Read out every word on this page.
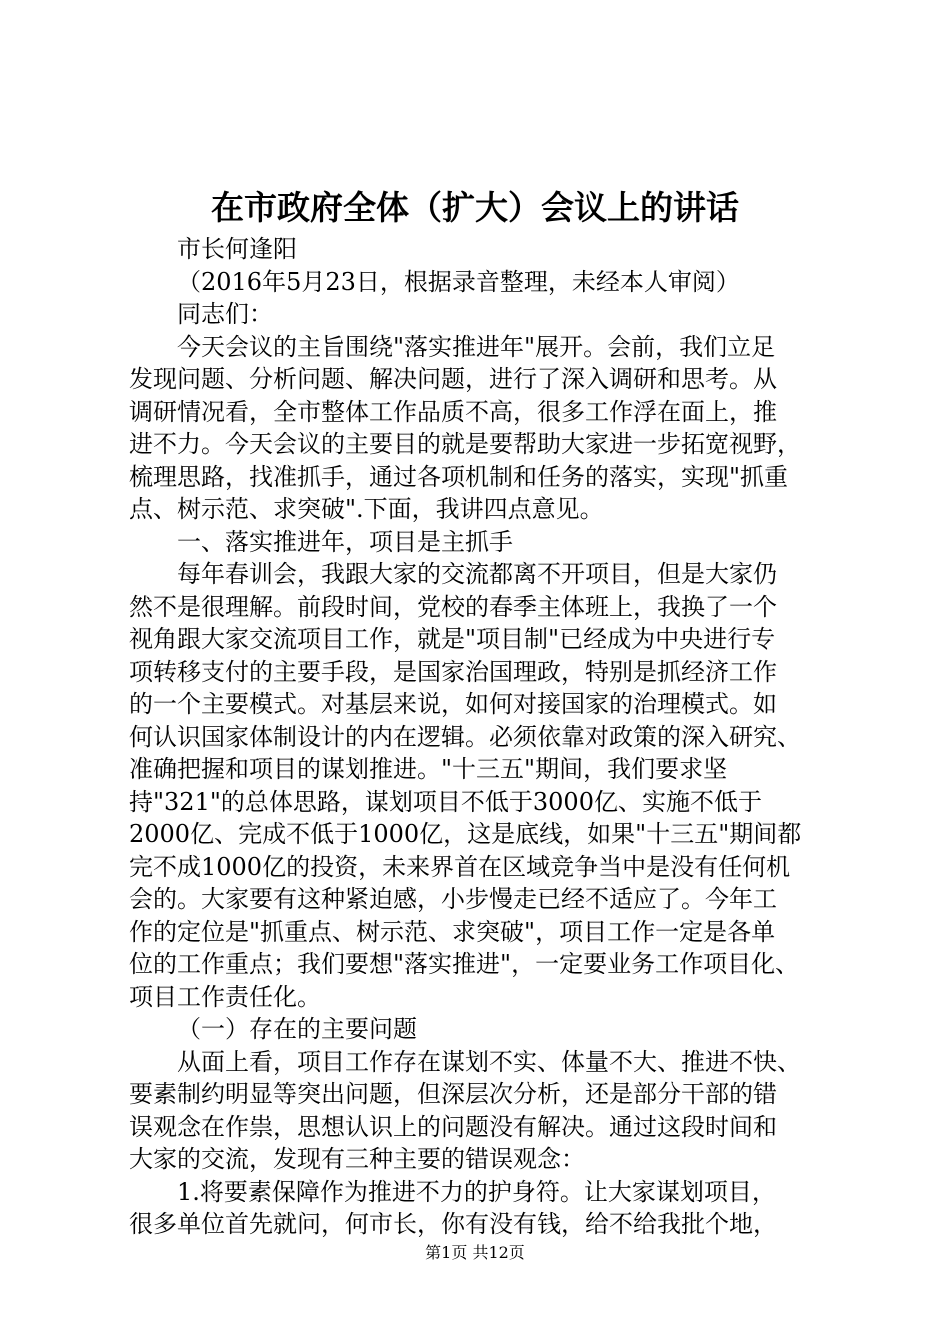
在市政府全体（扩大）会议上的讲话
市长何逢阳
（2016年5月23日，根据录音整理，未经本人审阅）
同志们：
今天会议的主旨围绕"落实推进年"展开。会前，我们立足
发现问题、分析问题、解决问题，进行了深入调研和思考。从
调研情况看，全市整体工作品质不高，很多工作浮在面上，推
进不力。今天会议的主要目的就是要帮助大家进一步拓宽视野，
梳理思路，找准抓手，通过各项机制和任务的落实，实现"抓重
点、树示范、求突破".下面，我讲四点意见。
一、落实推进年，项目是主抓手
每年春训会，我跟大家的交流都离不开项目，但是大家仍
然不是很理解。前段时间，党校的春季主体班上，我换了一个
视角跟大家交流项目工作，就是"项目制"已经成为中央进行专
项转移支付的主要手段，是国家治国理政，特别是抓经济工作
的一个主要模式。对基层来说，如何对接国家的治理模式。如
何认识国家体制设计的内在逻辑。必须依靠对政策的深入研究、
准确把握和项目的谋划推进。"十三五"期间，我们要求坚
持"321"的总体思路，谋划项目不低于3000亿、实施不低于
2000亿、完成不低于1000亿，这是底线，如果"十三五"期间都
完不成1000亿的投资，未来界首在区域竞争当中是没有任何机
会的。大家要有这种紧迫感，小步慢走已经不适应了。今年工
作的定位是"抓重点、树示范、求突破"，项目工作一定是各单
位的工作重点；我们要想"落实推进"，一定要业务工作项目化、
项目工作责任化。
（一）存在的主要问题
从面上看，项目工作存在谋划不实、体量不大、推进不快、
要素制约明显等突出问题，但深层次分析，还是部分干部的错
误观念在作祟，思想认识上的问题没有解决。通过这段时间和
大家的交流，发现有三种主要的错误观念：
1.将要素保障作为推进不力的护身符。让大家谋划项目，
很多单位首先就问，何市长，你有没有钱，给不给我批个地，
第1页 共12页
